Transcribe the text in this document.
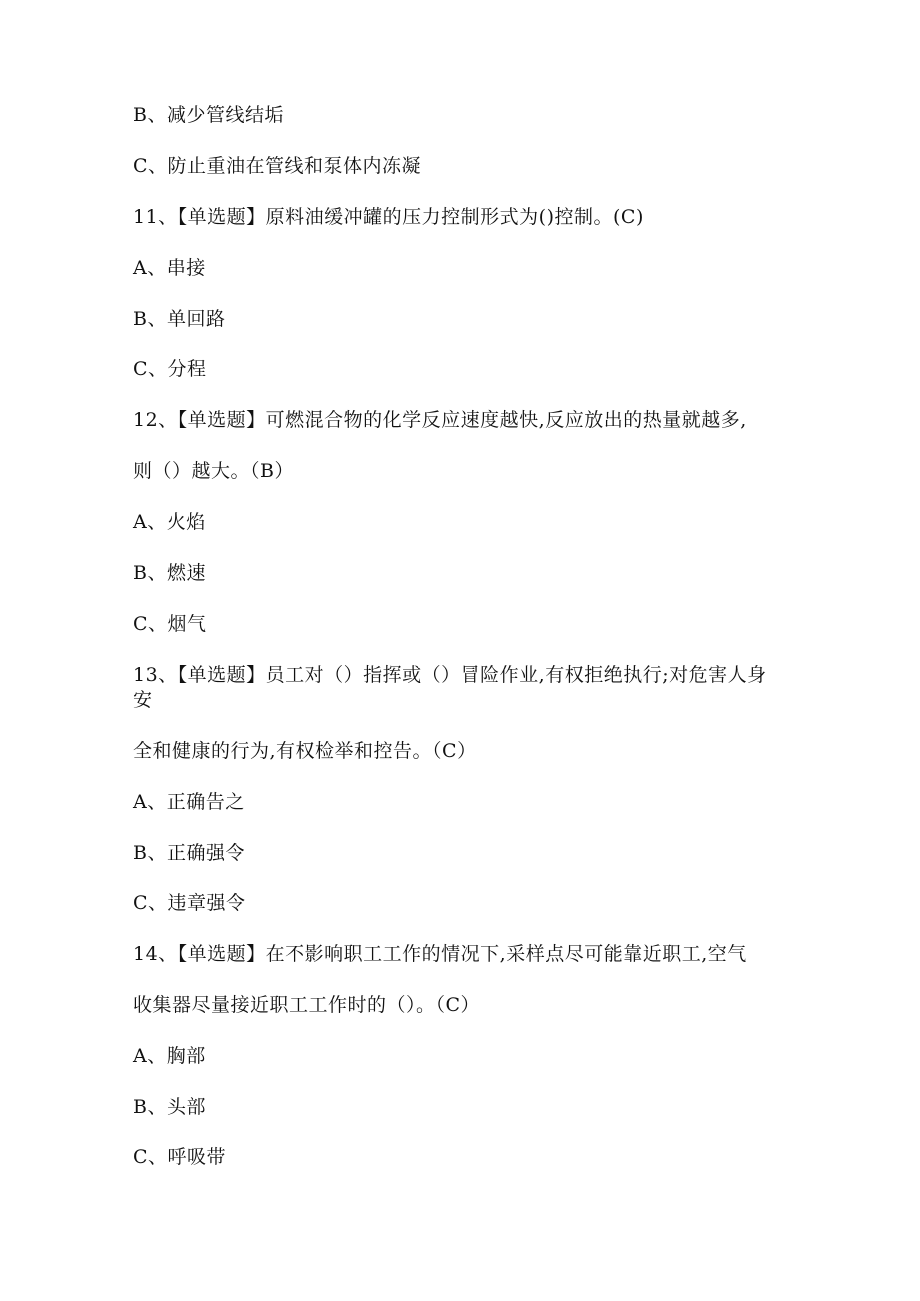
B、减少管线结垢
C、防止重油在管线和泵体内冻凝
11、【单选题】原料油缓冲罐的压力控制形式为()控制。(C)
A、串接
B、单回路
C、分程
12、【单选题】可燃混合物的化学反应速度越快,反应放出的热量就越多,
则（）越大。（B）
A、火焰
B、燃速
C、烟气
13、【单选题】员工对（）指挥或（）冒险作业,有权拒绝执行;对危害人身
安
全和健康的行为,有权检举和控告。（C）
A、正确告之
B、正确强令
C、违章强令
14、【单选题】在不影响职工工作的情况下,采样点尽可能靠近职工,空气
收集器尽量接近职工工作时的（）。（C）
A、胸部
B、头部
C、呼吸带
